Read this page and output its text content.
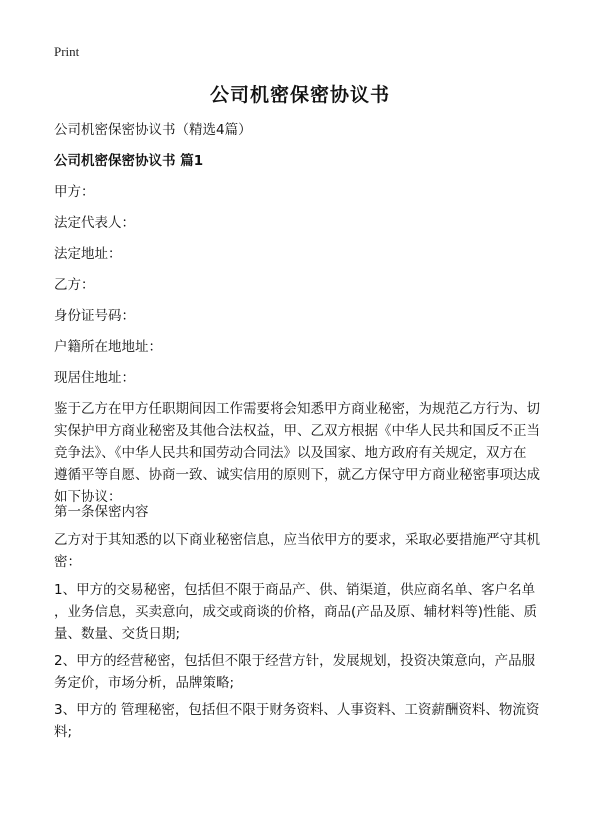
Print
公司机密保密协议书
公司机密保密协议书（精选4篇）
公司机密保密协议书 篇1
甲方：
法定代表人：
法定地址：
乙方：
身份证号码：
户籍所在地地址：
现居住地址：
鉴于乙方在甲方任职期间因工作需要将会知悉甲方商业秘密，为规范乙方行为、切
实保护甲方商业秘密及其他合法权益，甲、乙双方根据《中华人民共和国反不正当
竞争法》、《中华人民共和国劳动合同法》以及国家、地方政府有关规定，双方在
遵循平等自愿、协商一致、诚实信用的原则下，就乙方保守甲方商业秘密事项达成
如下协议：
第一条保密内容
乙方对于其知悉的以下商业秘密信息，应当依甲方的要求，采取必要措施严守其机
密：
1、甲方的交易秘密，包括但不限于商品产、供、销渠道，供应商名单、客户名单
，业务信息，买卖意向，成交或商谈的价格，商品(产品及原、辅材料等)性能、质
量、数量、交货日期;
2、甲方的经营秘密，包括但不限于经营方针，发展规划，投资决策意向，产品服
务定价，市场分析，品牌策略;
3、甲方的 管理秘密，包括但不限于财务资料、人事资料、工资薪酬资料、物流资
料;
